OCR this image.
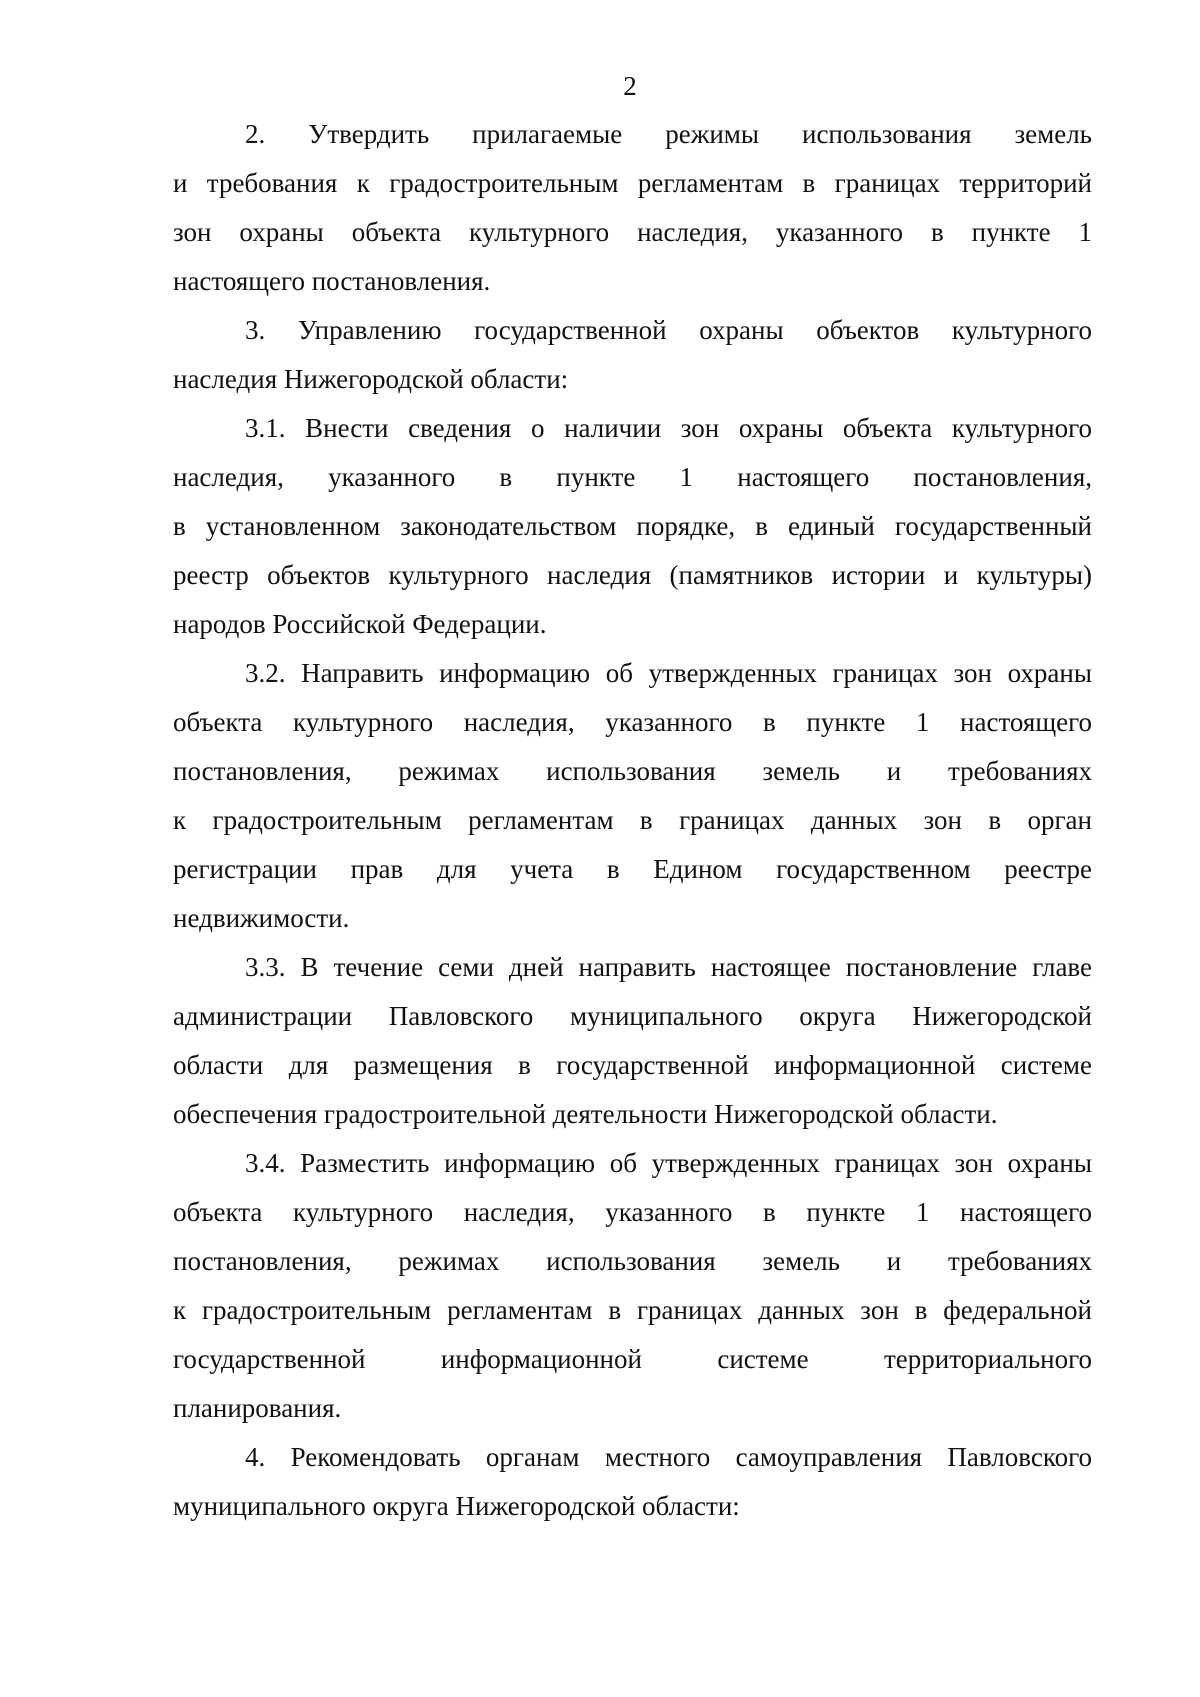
2
2. Утвердить прилагаемые режимы использования земель
и требования к градостроительным регламентам в границах территорий
зон охраны объекта культурного наследия, указанного в пункте 1
настоящего постановления.
3. Управлению государственной охраны объектов культурного
наследия Нижегородской области:
3.1. Внести сведения о наличии зон охраны объекта культурного
наследия, указанного в пункте 1 настоящего постановления,
в установленном законодательством порядке, в единый государственный
реестр объектов культурного наследия (памятников истории и культуры)
народов Российской Федерации.
3.2. Направить информацию об утвержденных границах зон охраны
объекта культурного наследия, указанного в пункте 1 настоящего
постановления, режимах использования земель и требованиях
к градостроительным регламентам в границах данных зон в орган
регистрации прав для учета в Едином государственном реестре
недвижимости.
3.3. В течение семи дней направить настоящее постановление главе
администрации Павловского муниципального округа Нижегородской
области для размещения в государственной информационной системе
обеспечения градостроительной деятельности Нижегородской области.
3.4. Разместить информацию об утвержденных границах зон охраны
объекта культурного наследия, указанного в пункте 1 настоящего
постановления, режимах использования земель и требованиях
к градостроительным регламентам в границах данных зон в федеральной
государственной информационной системе территориального
планирования.
4. Рекомендовать органам местного самоуправления Павловского
муниципального округа Нижегородской области:
